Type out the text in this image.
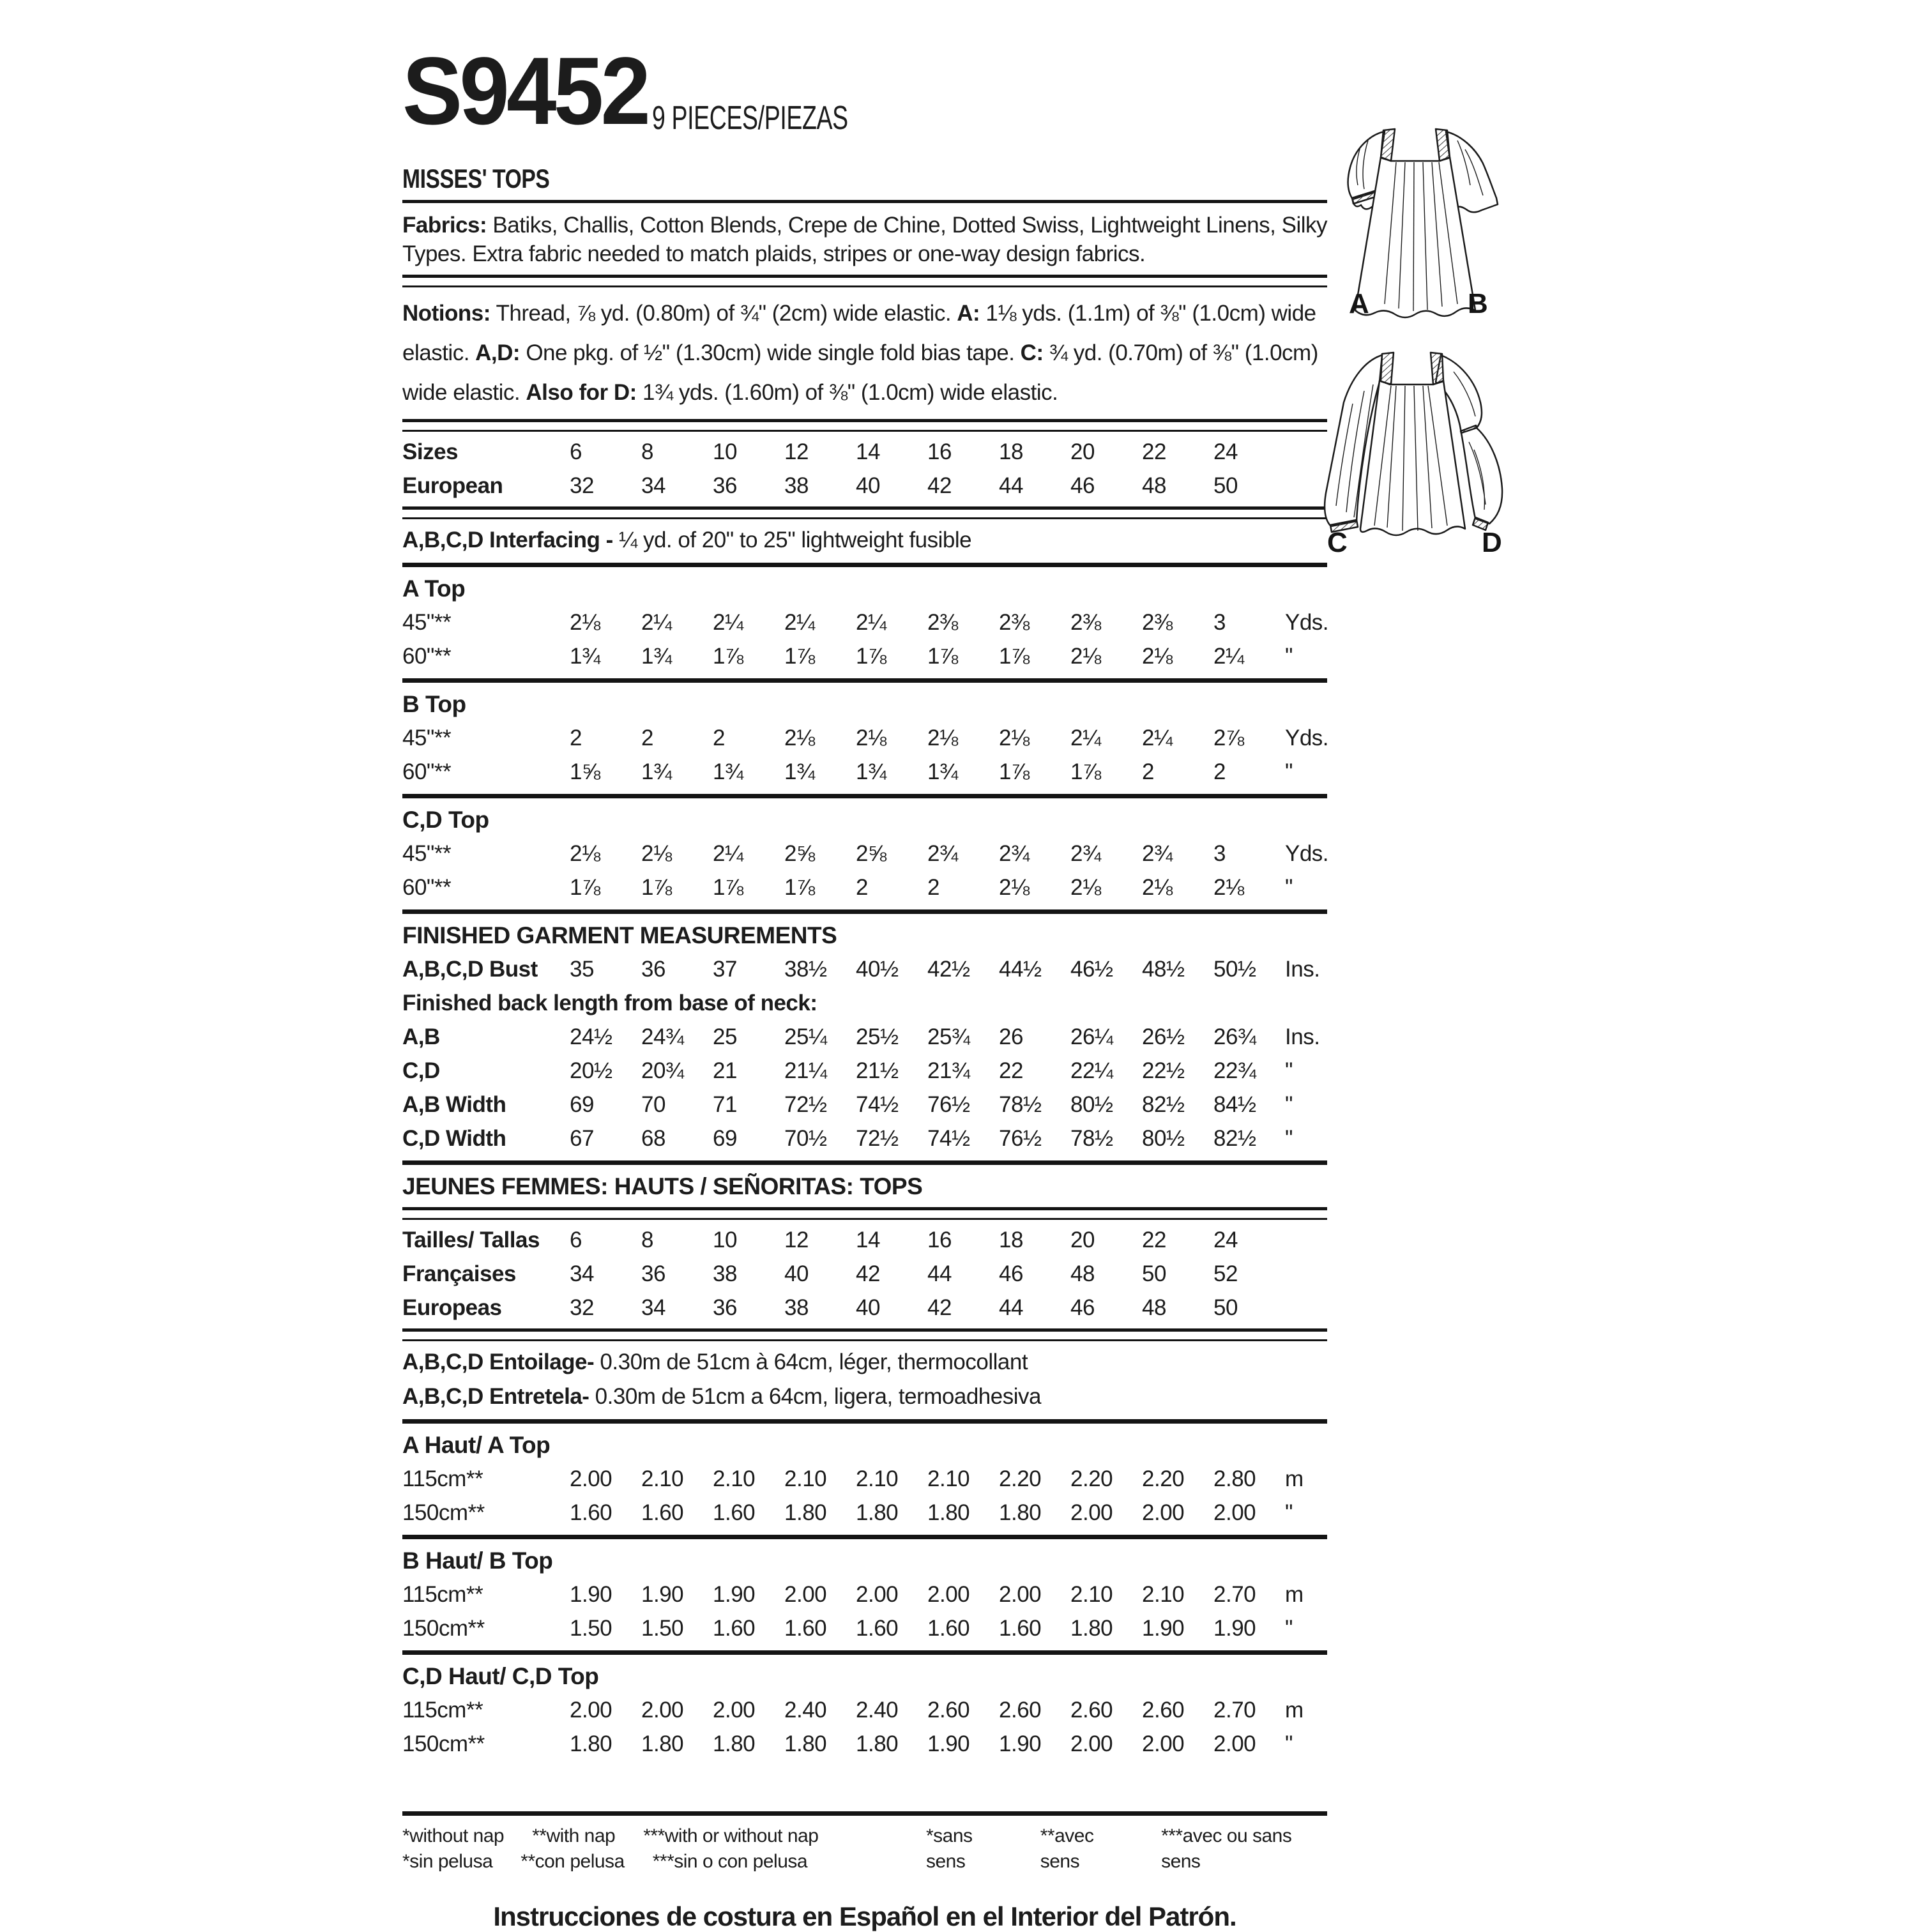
S9452 9 PIECES/PIEZAS
MISSES' TOPS

Fabrics: Batiks, Challis, Cotton Blends, Crepe de Chine, Dotted Swiss, Lightweight Linens, Silky Types. Extra fabric needed to match plaids, stripes or one-way design fabrics.

Notions: Thread, ⅞ yd. (0.80m) of ¾" (2cm) wide elastic. A: 1⅛ yds. (1.1m) of ⅜" (1.0cm) wide elastic. A,D: One pkg. of ½" (1.30cm) wide single fold bias tape. C: ¾ yd. (0.70m) of ⅜" (1.0cm) wide elastic. Also for D: 1¾ yds. (1.60m) of ⅜" (1.0cm) wide elastic.

Sizes	6	8	10	12	14	16	18	20	22	24
European	32	34	36	38	40	42	44	46	48	50
A,B,C,D Interfacing - ¼ yd. of 20" to 25" lightweight fusible
A Top
45"**	2⅛	2¼	2¼	2¼	2¼	2⅜	2⅜	2⅜	2⅜	3	Yds.
60"**	1¾	1¾	1⅞	1⅞	1⅞	1⅞	1⅞	2⅛	2⅛	2¼	"
B Top
45"**	2	2	2	2⅛	2⅛	2⅛	2⅛	2¼	2¼	2⅞	Yds.
60"**	1⅝	1¾	1¾	1¾	1¾	1¾	1⅞	1⅞	2	2	"
C,D Top
45"**	2⅛	2⅛	2¼	2⅝	2⅝	2¾	2¾	2¾	2¾	3	Yds.
60"**	1⅞	1⅞	1⅞	1⅞	2	2	2⅛	2⅛	2⅛	2⅛	"
FINISHED GARMENT MEASUREMENTS
A,B,C,D Bust	35	36	37	38½	40½	42½	44½	46½	48½	50½	Ins.
Finished back length from base of neck:
A,B	24½	24¾	25	25¼	25½	25¾	26	26¼	26½	26¾	Ins.
C,D	20½	20¾	21	21¼	21½	21¾	22	22¼	22½	22¾	"
A,B Width	69	70	71	72½	74½	76½	78½	80½	82½	84½	"
C,D Width	67	68	69	70½	72½	74½	76½	78½	80½	82½	"
JEUNES FEMMES: HAUTS / SEÑORITAS: TOPS
Tailles/ Tallas	6	8	10	12	14	16	18	20	22	24
Françaises	34	36	38	40	42	44	46	48	50	52
Europeas	32	34	36	38	40	42	44	46	48	50
A,B,C,D Entoilage- 0.30m de 51cm à 64cm, léger, thermocollant
A,B,C,D Entretela- 0.30m de 51cm a 64cm, ligera, termoadhesiva
A Haut/ A Top
115cm**	2.00	2.10	2.10	2.10	2.10	2.10	2.20	2.20	2.20	2.80	m
150cm**	1.60	1.60	1.60	1.80	1.80	1.80	1.80	2.00	2.00	2.00	"
B Haut/ B Top
115cm**	1.90	1.90	1.90	2.00	2.00	2.00	2.00	2.10	2.10	2.70	m
150cm**	1.50	1.50	1.60	1.60	1.60	1.60	1.60	1.80	1.90	1.90	"
C,D Haut/ C,D Top
115cm**	2.00	2.00	2.00	2.40	2.40	2.60	2.60	2.60	2.60	2.70	m
150cm**	1.80	1.80	1.80	1.80	1.80	1.90	1.90	2.00	2.00	2.00	"
*without nap **with nap ***with or without nap
*sin pelusa **con pelusa ***sin o con pelusa
*sans sens
**avec sens
***avec ou sans sens
Instrucciones de costura en Español en el Interior del Patrón.
A	B
C	D
